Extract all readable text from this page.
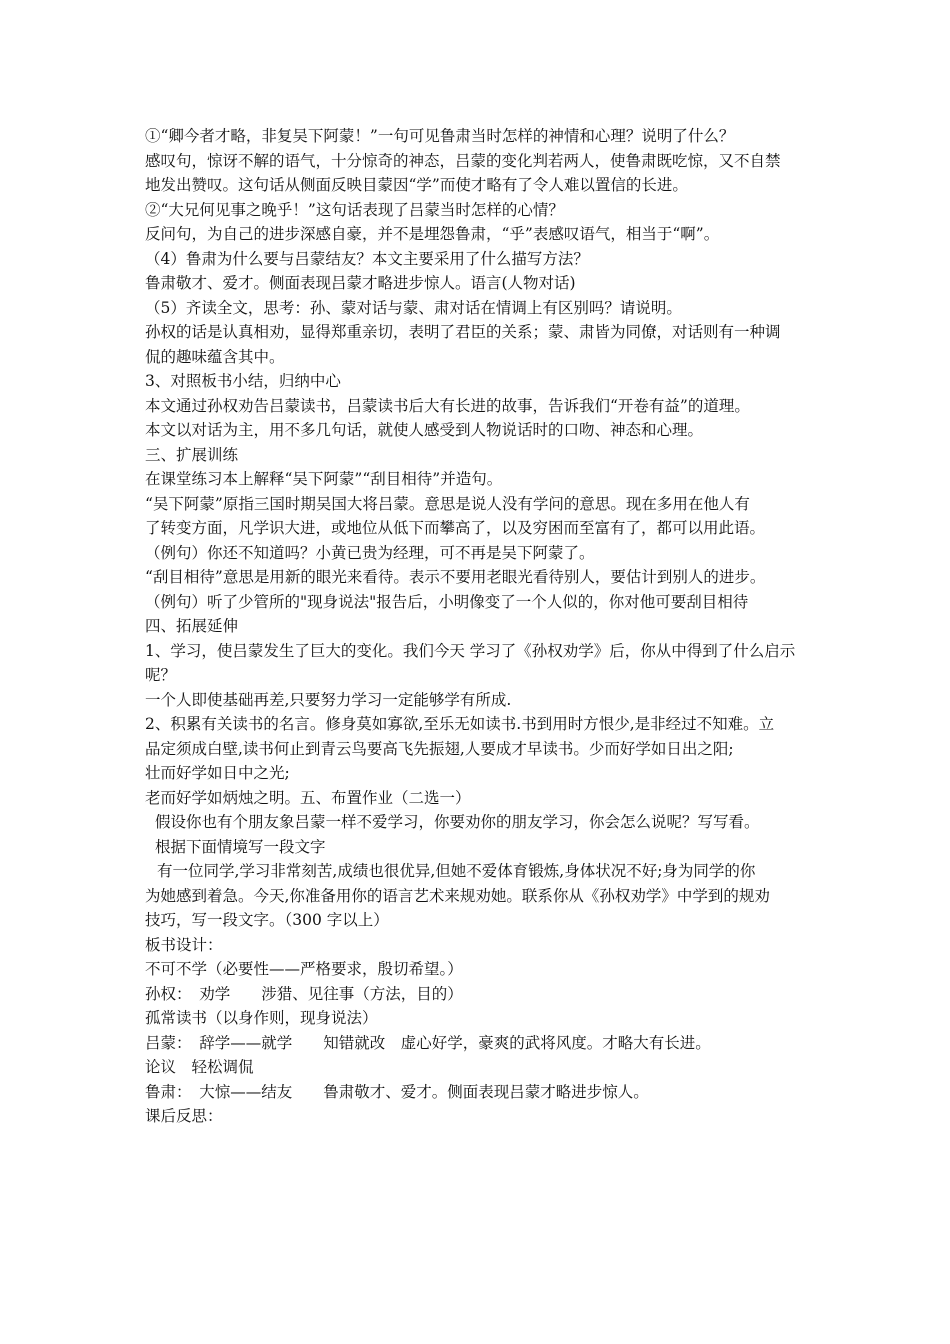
①“卿今者才略，非复吴下阿蒙！”一句可见鲁肃当时怎样的神情和心理？说明了什么？
感叹句，惊讶不解的语气，十分惊奇的神态，吕蒙的变化判若两人，使鲁肃既吃惊，又不自禁
地发出赞叹。这句话从侧面反映目蒙因“学”而使才略有了令人难以置信的长进。
②“大兄何见事之晚乎！”这句话表现了吕蒙当时怎样的心情？
反问句，为自己的进步深感自豪，并不是埋怨鲁肃，“乎”表感叹语气，相当于“啊”。
（4）鲁肃为什么要与吕蒙结友？本文主要采用了什么描写方法？
鲁肃敬才、爱才。侧面表现吕蒙才略进步惊人。语言(人物对话)
（5）齐读全文，思考：孙、蒙对话与蒙、肃对话在情调上有区别吗？请说明。
孙权的话是认真相劝，显得郑重亲切，表明了君臣的关系；蒙、肃皆为同僚，对话则有一种调
侃的趣味蕴含其中。
3、对照板书小结，归纳中心
本文通过孙权劝告吕蒙读书，吕蒙读书后大有长进的故事，告诉我们“开卷有益”的道理。
本文以对话为主，用不多几句话，就使人感受到人物说话时的口吻、神态和心理。
三、扩展训练
在课堂练习本上解释“吴下阿蒙”“刮目相待”并造句。
“吴下阿蒙”原指三国时期吴国大将吕蒙。意思是说人没有学问的意思。现在多用在他人有
了转变方面，凡学识大进，或地位从低下而攀高了，以及穷困而至富有了，都可以用此语。
（例句）你还不知道吗？小黄已贵为经理，可不再是吴下阿蒙了。
“刮目相待”意思是用新的眼光来看待。表示不要用老眼光看待别人，要估计到别人的进步。
（例句）听了少管所的"现身说法"报告后，小明像变了一个人似的，你对他可要刮目相待
四、拓展延伸
1、学习，使吕蒙发生了巨大的变化。我们今天 学习了《孙权劝学》后，你从中得到了什么启示
呢？
一个人即使基础再差,只要努力学习一定能够学有所成.
2、积累有关读书的名言。修身莫如寡欲,至乐无如读书.书到用时方恨少,是非经过不知难。立
品定须成白壁,读书何止到青云鸟要高飞先振翅,人要成才早读书。少而好学如日出之阳;
壮而好学如日中之光;
老而好学如炳烛之明。五、布置作业（二选一）
假设你也有个朋友象吕蒙一样不爱学习，你要劝你的朋友学习，你会怎么说呢？写写看。
根据下面情境写一段文字
有一位同学,学习非常刻苦,成绩也很优异,但她不爱体育锻炼,身体状况不好;身为同学的你
为她感到着急。今天,你准备用你的语言艺术来规劝她。联系你从《孙权劝学》中学到的规劝
技巧，写一段文字。（300 字以上）
板书设计：
不可不学（必要性——严格要求，殷切希望。）
孙权：　劝学　　涉猎、见往事（方法，目的）
孤常读书（以身作则，现身说法）
吕蒙：　辞学——就学　　知错就改　虚心好学，豪爽的武将风度。才略大有长进。
论议　轻松调侃
鲁肃：　大惊——结友　　鲁肃敬才、爱才。侧面表现吕蒙才略进步惊人。
课后反思：
